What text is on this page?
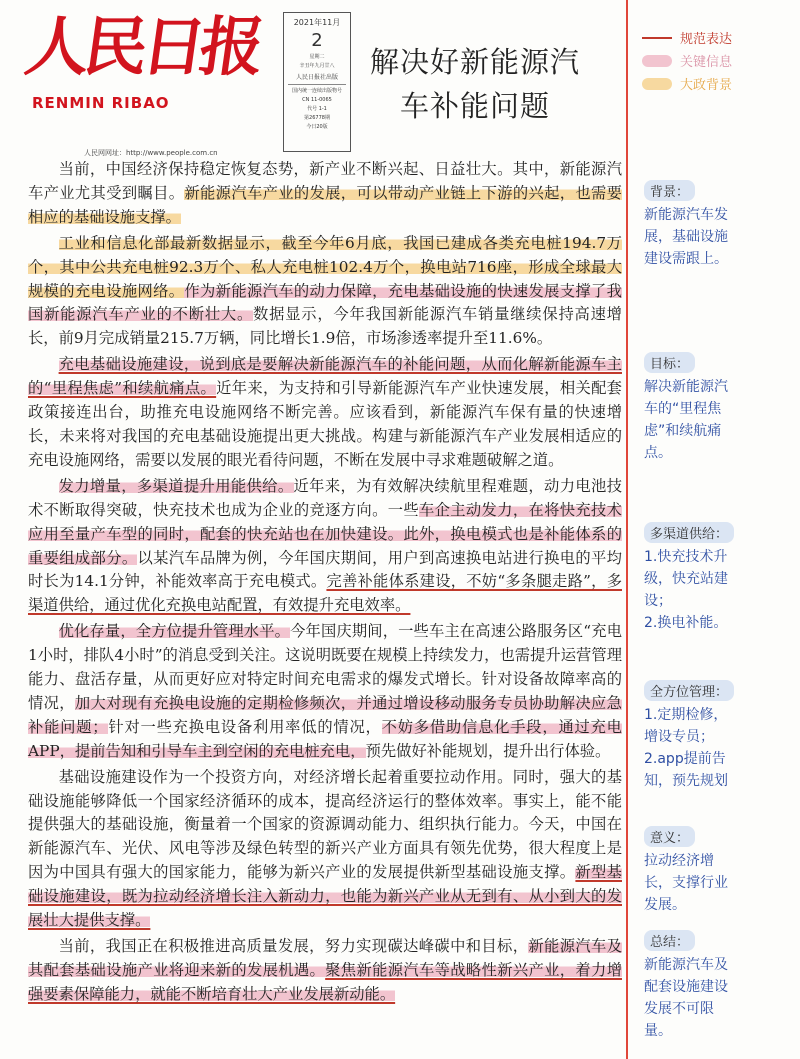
人民日报
RENMIN RIBAO
人民网网址：http://www.people.com.cn
2021年11月
2
星期二
辛丑年九月廿八
人民日报社出版
国内统一连续出版物号
CN 11-0065
代号 1-1
第26778期
今日20版
解决好新能源汽
车补能问题
规范表达
关键信息
大政背景

当前，中国经济保持稳定恢复态势，新产业不断兴起、日益壮大。其中，新能源汽车产业尤其受到瞩目。新能源汽车产业的发展，可以带动产业链上下游的兴起，也需要相应的基础设施支撑。

工业和信息化部最新数据显示，截至今年6月底，我国已建成各类充电桩194.7万个，其中公共充电桩92.3万个、私人充电桩102.4万个，换电站716座，形成全球最大规模的充电设施网络。作为新能源汽车的动力保障，充电基础设施的快速发展支撑了我国新能源汽车产业的不断壮大。数据显示，今年我国新能源汽车销量继续保持高速增长，前9月完成销量215.7万辆，同比增长1.9倍，市场渗透率提升至11.6%。

充电基础设施建设，说到底是要解决新能源汽车的补能问题，从而化解新能源车主的“里程焦虑”和续航痛点。近年来，为支持和引导新能源汽车产业快速发展，相关配套政策接连出台，助推充电设施网络不断完善。应该看到，新能源汽车保有量的快速增长，未来将对我国的充电基础设施提出更大挑战。构建与新能源汽车产业发展相适应的充电设施网络，需要以发展的眼光看待问题，不断在发展中寻求难题破解之道。

发力增量，多渠道提升用能供给。近年来，为有效解决续航里程难题，动力电池技术不断取得突破，快充技术也成为企业的竞逐方向。一些车企主动发力，在将快充技术应用至量产车型的同时，配套的快充站也在加快建设。此外，换电模式也是补能体系的重要组成部分。以某汽车品牌为例，今年国庆期间，用户到高速换电站进行换电的平均时长为14.1分钟，补能效率高于充电模式。完善补能体系建设，不妨“多条腿走路”，多渠道供给，通过优化充换电站配置，有效提升充电效率。

优化存量，全方位提升管理水平。今年国庆期间，一些车主在高速公路服务区“充电1小时，排队4小时”的消息受到关注。这说明既要在规模上持续发力，也需提升运营管理能力、盘活存量，从而更好应对特定时间充电需求的爆发式增长。针对设备故障率高的情况，加大对现有充换电设施的定期检修频次，并通过增设移动服务专员协助解决应急补能问题；针对一些充换电设备利用率低的情况，不妨多借助信息化手段，通过充电APP，提前告知和引导车主到空闲的充电桩充电，预先做好补能规划，提升出行体验。

基础设施建设作为一个投资方向，对经济增长起着重要拉动作用。同时，强大的基础设施能够降低一个国家经济循环的成本，提高经济运行的整体效率。事实上，能不能提供强大的基础设施，衡量着一个国家的资源调动能力、组织执行能力。今天，中国在新能源汽车、光伏、风电等涉及绿色转型的新兴产业方面具有领先优势，很大程度上是因为中国具有强大的国家能力，能够为新兴产业的发展提供新型基础设施支撑。新型基础设施建设，既为拉动经济增长注入新动力，也能为新兴产业从无到有、从小到大的发展壮大提供支撑。

当前，我国正在积极推进高质量发展，努力实现碳达峰碳中和目标，新能源汽车及其配套基础设施产业将迎来新的发展机遇。聚焦新能源汽车等战略性新兴产业，着力增强要素保障能力，就能不断培育壮大产业发展新动能。

背景：
新能源汽车发
展，基础设施
建设需跟上。
目标：
解决新能源汽
车的“里程焦
虑”和续航痛
点。
多渠道供给：
1.快充技术升
级，快充站建
设；
2.换电补能。
全方位管理：
1.定期检修，
增设专员；
2.app提前告
知，预先规划
意义：
拉动经济增
长，支撑行业
发展。
总结：
新能源汽车及
配套设施建设
发展不可限
量。
